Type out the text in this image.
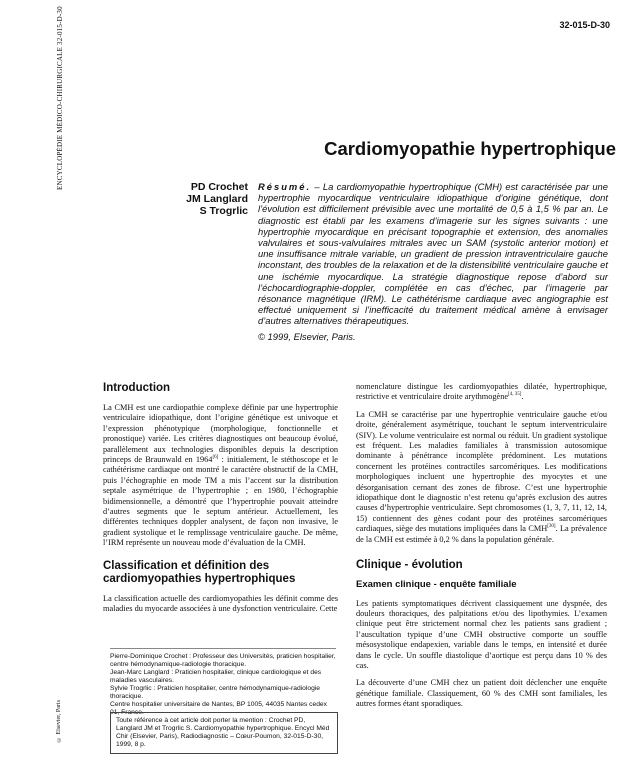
ENCYCLOPÉDIE MÉDICO-CHIRURGICALE 32-015-D-30
© Elsevier, Paris
32-015-D-30
Cardiomyopathie hypertrophique
PD Crochet
JM Langlard
S Trogrlic
Résumé. – La cardiomyopathie hypertrophique (CMH) est caractérisée par une hypertrophie myocardique ventriculaire idiopathique d’origine génétique, dont l’évolution est difficilement prévisible avec une mortalité de 0,5 à 1,5 % par an. Le diagnostic est établi par les examens d’imagerie sur les signes suivants : une hypertrophie myocardique en précisant topographie et extension, des anomalies valvulaires et sous-valvulaires mitrales avec un SAM (systolic anterior motion) et une insuffisance mitrale variable, un gradient de pression intraventriculaire gauche inconstant, des troubles de la relaxation et de la distensibilité ventriculaire gauche et une ischémie myocardique. La stratégie diagnostique repose d’abord sur l’échocardiographie-doppler, complétée en cas d’échec, par l’imagerie par résonance magnétique (IRM). Le cathétérisme cardiaque avec angiographie est effectué uniquement si l’inefficacité du traitement médical amène à envisager d’autres alternatives thérapeutiques.
© 1999, Elsevier, Paris.
Introduction

La CMH est une cardiopathie complexe définie par une hypertrophie ventriculaire idiopathique, dont l’origine génétique est univoque et l’expression phénotypique (morphologique, fonctionnelle et pronostique) variée. Les critères diagnostiques ont beaucoup évolué, parallèlement aux technologies disponibles depuis la description princeps de Braunwald en 1964[6] : initialement, le stéthoscope et le cathétérisme cardiaque ont montré le caractère obstructif de la CMH, puis l’échographie en mode TM a mis l’accent sur la distribution septale asymétrique de l’hypertrophie ; en 1980, l’échographie bidimensionnelle, a démontré que l’hypertrophie pouvait atteindre d’autres segments que le septum antérieur. Actuellement, les différentes techniques doppler analysent, de façon non invasive, le gradient systolique et le remplissage ventriculaire gauche. De même, l’IRM représente un nouveau mode d’évaluation de la CMH.

Classification et définition des cardiomyopathies hypertrophiques

La classification actuelle des cardiomyopathies les définit comme des maladies du myocarde associées à une dysfonction ventriculaire. Cette

nomenclature distingue les cardiomyopathies dilatée, hypertrophique, restrictive et ventriculaire droite arythmogène[4, 35].

La CMH se caractérise par une hypertrophie ventriculaire gauche et/ou droite, généralement asymétrique, touchant le septum interventriculaire (SIV). Le volume ventriculaire est normal ou réduit. Un gradient systolique est fréquent. Les maladies familiales à transmission autosomique dominante à pénétrance incomplète prédominent. Les mutations concernent les protéines contractiles sarcomériques. Les modifications morphologiques incluent une hypertrophie des myocytes et une désorganisation cernant des zones de fibrose. C’est une hypertrophie idiopathique dont le diagnostic n’est retenu qu’après exclusion des autres causes d’hypertrophie ventriculaire. Sept chromosomes (1, 3, 7, 11, 12, 14, 15) contiennent des gènes codant pour des protéines sarcomériques cardiaques, siège des mutations impliquées dans la CMH[30]. La prévalence de la CMH est estimée à 0,2 % dans la population générale.

Clinique - évolution
Examen clinique - enquête familiale

Les patients symptomatiques décrivent classiquement une dyspnée, des douleurs thoraciques, des palpitations et/ou des lipothymies. L’examen clinique peut être strictement normal chez les patients sans gradient ; l’auscultation typique d’une CMH obstructive comporte un souffle mésosystolique endapexien, variable dans le temps, en intensité et durée dans le cycle. Un souffle diastolique d’aortique est perçu dans 10 % des cas.

La découverte d’une CMH chez un patient doit déclencher une enquête génétique familiale. Classiquement, 60 % des CMH sont familiales, les autres formes étant sporadiques.

Pierre-Dominique Crochet : Professeur des Universités, praticien hospitalier, centre hémodynamique-radiologie thoracique.
Jean-Marc Langlard : Praticien hospitalier, clinique cardiologique et des maladies vasculaires.
Sylvie Trogrlic : Praticien hospitalier, centre hémodynamique-radiologie thoracique.
Centre hospitalier universitaire de Nantes, BP 1005, 44035 Nantes cedex 01, France.
Toute référence à cet article doit porter la mention : Crochet PD, Langlard JM et Trogrlic S. Cardiomyopathie hypertrophique. Encycl Méd Chir (Elsevier, Paris), Radiodiagnostic – Cœur-Poumon, 32-015-D-30, 1999, 8 p.
